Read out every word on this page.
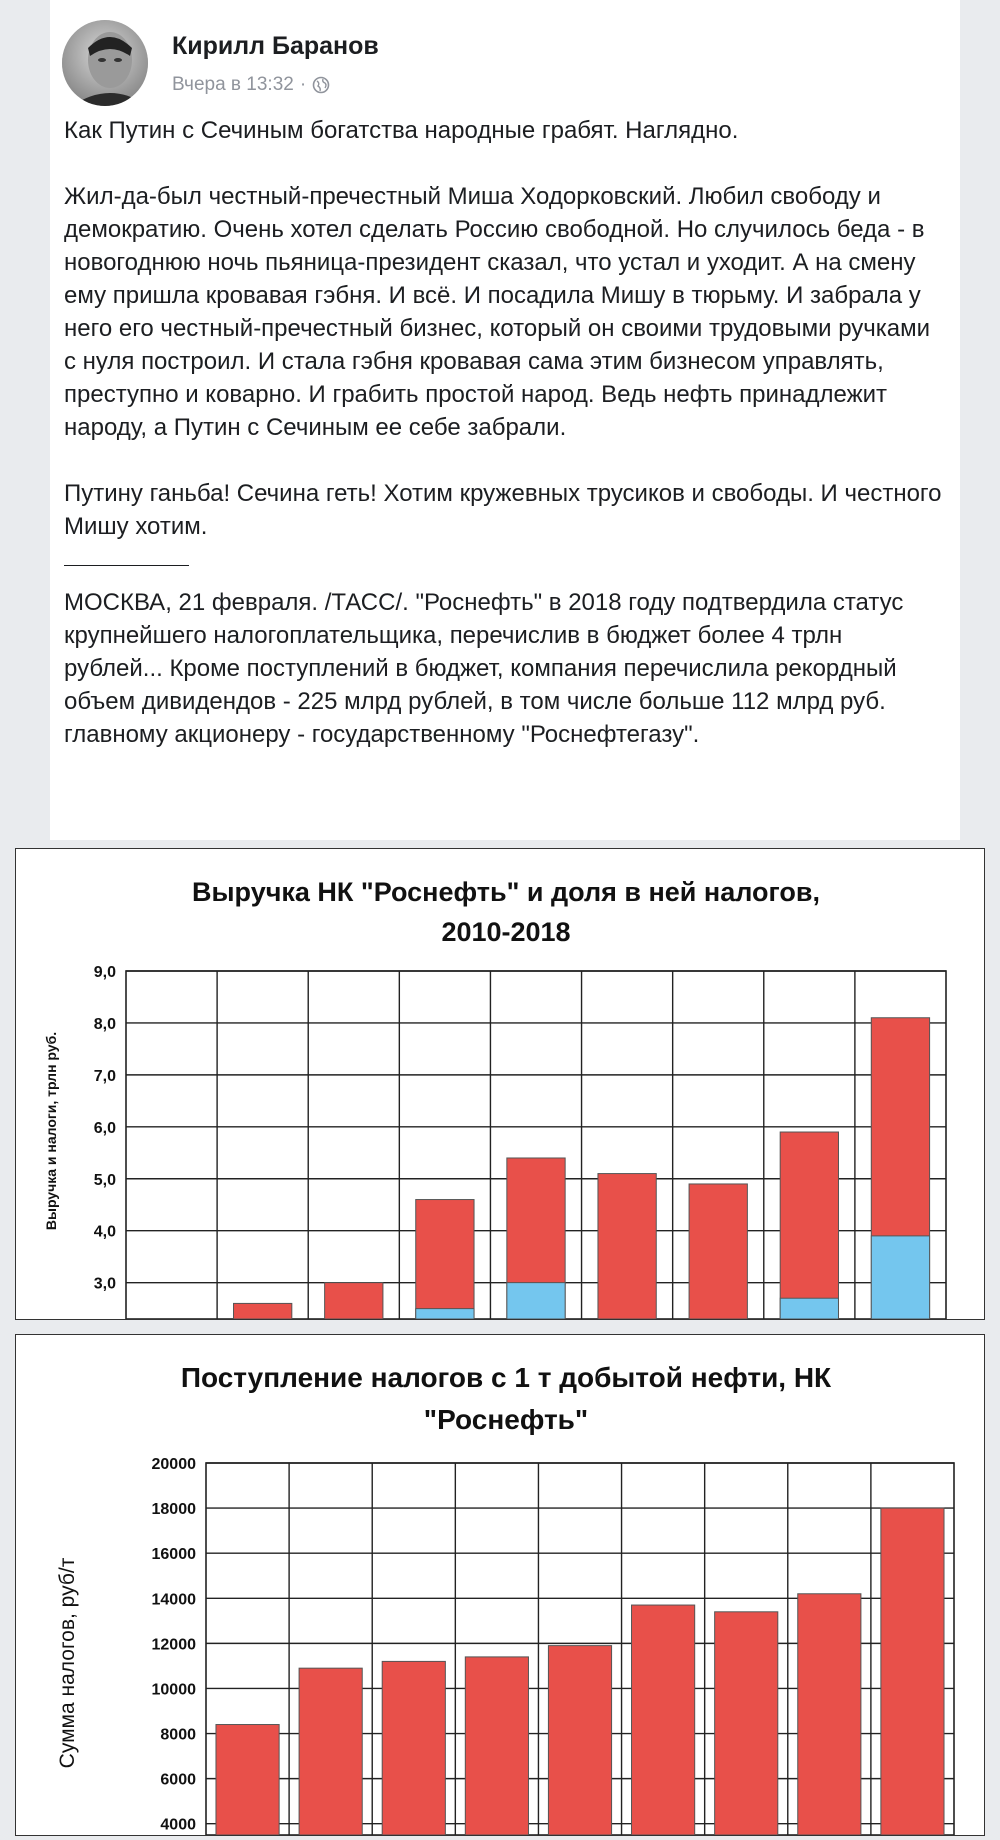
Кирилл Баранов
Вчера в 13:32 ·

Как Путин с Сечиным богатства народные грабят. Наглядно.

Жил-да-был честный-пречестный Миша Ходорковский. Любил свободу и демократию. Очень хотел сделать Россию свободной. Но случилось беда - в новогоднюю ночь пьяница-президент сказал, что устал и уходит. А на смену ему пришла кровавая гэбня. И всё. И посадила Мишу в тюрьму. И забрала у него его честный-пречестный бизнес, который он своими трудовыми ручками с нуля построил. И стала гэбня кровавая сама этим бизнесом управлять, преступно и коварно. И грабить простой народ. Ведь нефть принадлежит народу, а Путин с Сечиным ее себе забрали.

Путину ганьба! Сечина геть! Хотим кружевных трусиков и свободы. И честного Мишу хотим.

МОСКВА, 21 февраля. /ТАСС/. "Роснефть" в 2018 году подтвердила статус крупнейшего налогоплательщика, перечислив в бюджет более 4 трлн рублей... Кроме поступлений в бюджет, компания перечислила рекордный объем дивидендов - 225 млрд рублей, в том числе больше 112 млрд руб. главному акционеру - государственному "Роснефтегазу".

Выручка НК "Роснефть" и доля в ней налогов,
2010-2018
Выручка и налоги, трлн руб.
3,0
4,0
5,0
6,0
7,0
8,0
9,0
Поступление налогов с 1 т добытой нефти, НК
"Роснефть"
Сумма налогов, руб/т
4000
6000
8000
10000
12000
14000
16000
18000
20000
